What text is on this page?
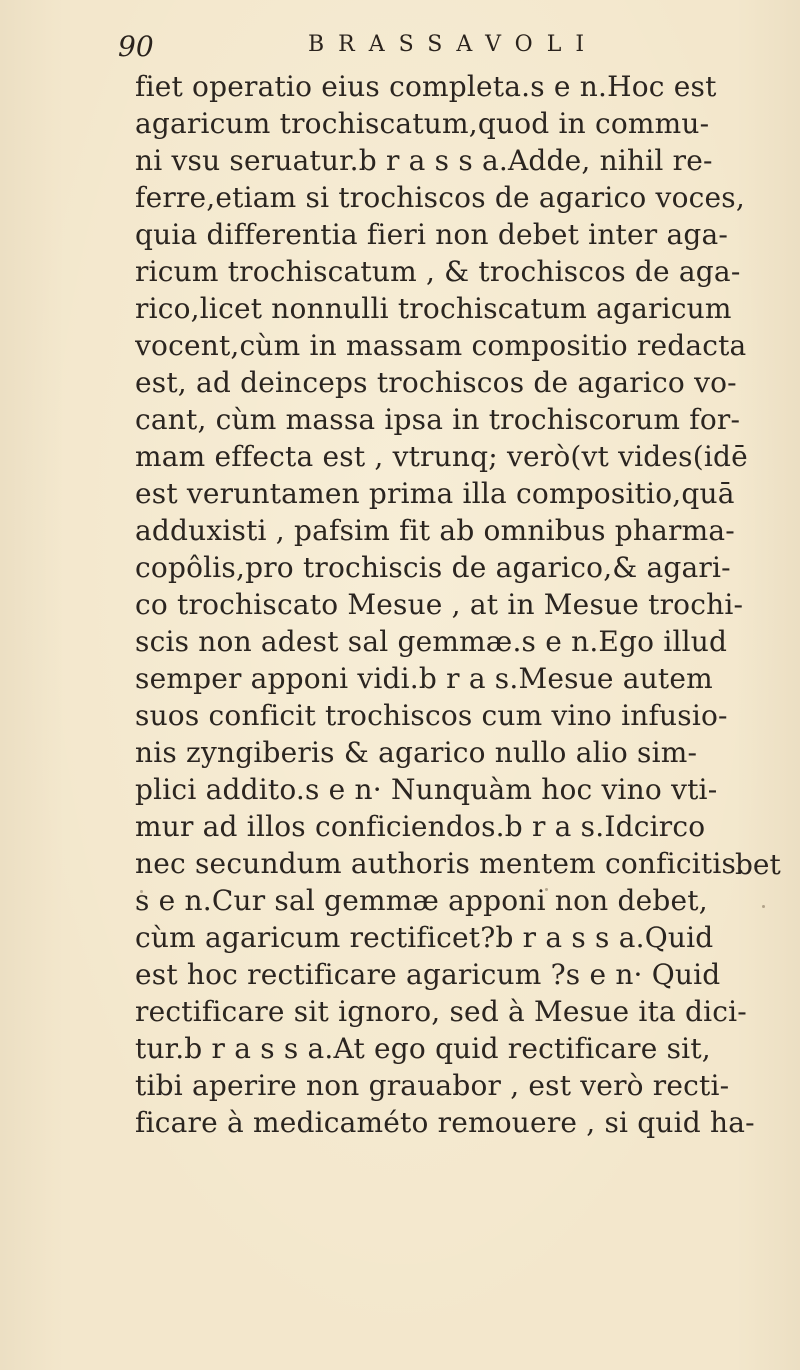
90	BRASSAVOLI
fiet operatio eius completa.s e n.Hoc est
agaricum trochiscatum,quod in commu-
ni vsu seruatur.b r a s s a.Adde, nihil re-
ferre,etiam si trochiscos de agarico voces,
quia differentia fieri non debet inter aga-
ricum trochiscatum , & trochiscos de aga-
rico,licet nonnulli trochiscatum agaricum
vocent,cùm in massam compositio redacta
est, ad deinceps trochiscos de agarico vo-
cant, cùm massa ipsa in trochiscorum for-
mam effecta est , vtrunq; verò(vt vides(idē
est veruntamen prima illa compositio,quā
adduxisti , pafsim fit ab omnibus pharma-
copôlis,pro trochiscis de agarico,& agari-
co trochiscato Mesue , at in Mesue trochi-
scis non adest sal gemmæ.s e n.Ego illud
semper apponi vidi.b r a s.Mesue autem
suos conficit trochiscos cum vino infusio-
nis zyngiberis & agarico nullo alio sim-
plici addito.s e n· Nunquàm hoc vino vti-
mur ad illos conficiendos.b r a s.Idcirco
nec secundum authoris mentem conficitis.
s e n.Cur sal gemmæ apponi non debet,
cùm agaricum rectificet?b r a s s a.Quid
est hoc rectificare agaricum ?s e n· Quid
rectificare sit ignoro, sed à Mesue ita dici-
tur.b r a s s a.At ego quid rectificare sit,
tibi aperire non grauabor , est verò recti-
ficare à medicaméto remouere , si quid ha-
bet
